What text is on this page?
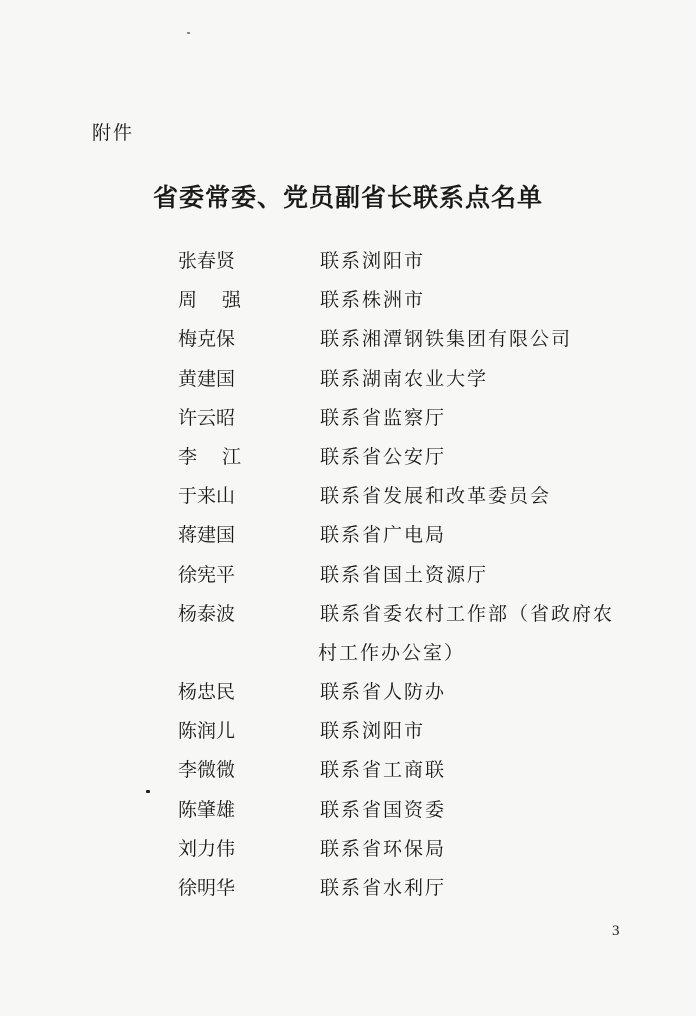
附件
省委常委、党员副省长联系点名单
张春贤	联系浏阳市
周强	联系株洲市
梅克保	联系湘潭钢铁集团有限公司
黄建国	联系湖南农业大学
许云昭	联系省监察厅
李江	联系省公安厅
于来山	联系省发展和改革委员会
蒋建国	联系省广电局
徐宪平	联系省国土资源厅
杨泰波	联系省委农村工作部（省政府农
村工作办公室）
杨忠民	联系省人防办
陈润儿	联系浏阳市
李微微	联系省工商联
陈肇雄	联系省国资委
刘力伟	联系省环保局
徐明华	联系省水利厅
3
